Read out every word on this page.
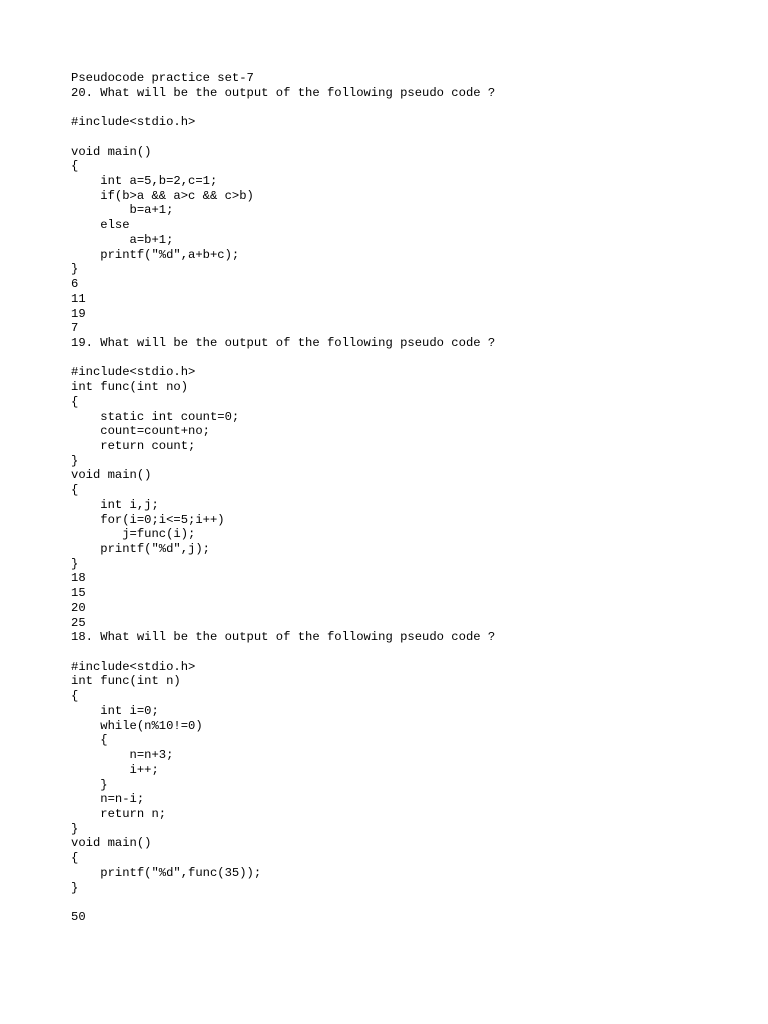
Pseudocode practice set-7
20. What will be the output of the following pseudo code ?
#include<stdio.h>
void main()
{
int a=5,b=2,c=1;
if(b>a && a>c && c>b)
b=a+1;
else
a=b+1;
printf("%d",a+b+c);
}
6
11
19
7
19. What will be the output of the following pseudo code ?
#include<stdio.h>
int func(int no)
{
static int count=0;
count=count+no;
return count;
}
void main()
{
int i,j;
for(i=0;i<=5;i++)
j=func(i);
printf("%d",j);
}
18
15
20
25
18. What will be the output of the following pseudo code ?
#include<stdio.h>
int func(int n)
{
int i=0;
while(n%10!=0)
{
n=n+3;
i++;
}
n=n-i;
return n;
}
void main()
{
printf("%d",func(35));
}
50
